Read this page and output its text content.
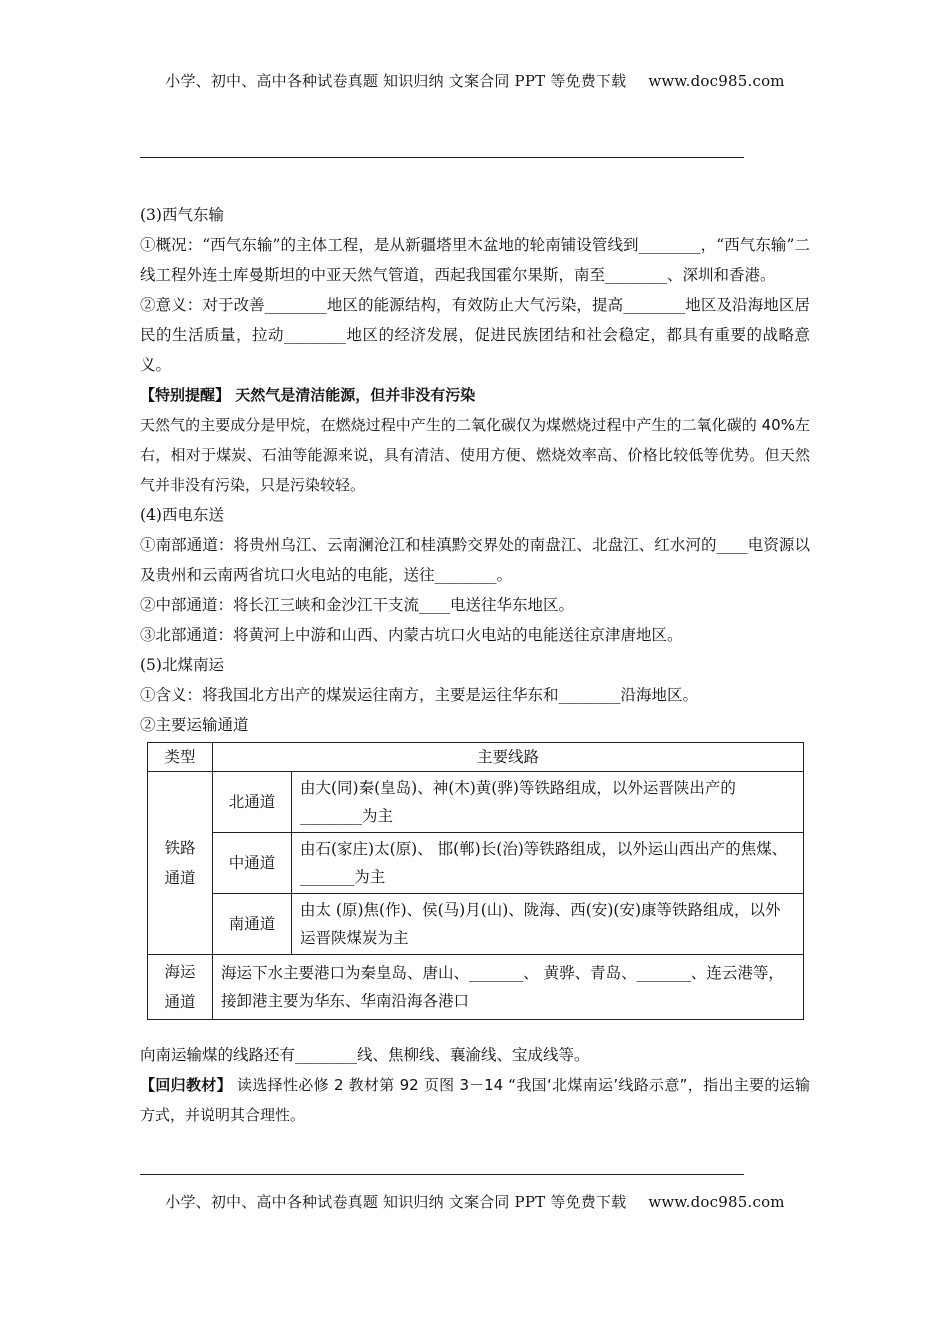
小学、初中、高中各种试卷真题 知识归纳 文案合同 PPT 等免费下载 www.doc985.com

(3)西气东输

①概况：“西气东输”的主体工程，是从新疆塔里木盆地的轮南铺设管线到________，“西气东输”二线工程外连土库曼斯坦的中亚天然气管道，西起我国霍尔果斯，南至________、深圳和香港。

②意义：对于改善________地区的能源结构，有效防止大气污染，提高________地区及沿海地区居民的生活质量，拉动________地区的经济发展，促进民族团结和社会稳定，都具有重要的战略意义。

【特别提醒】 天然气是清洁能源，但并非没有污染

天然气的主要成分是甲烷，在燃烧过程中产生的二氧化碳仅为煤燃烧过程中产生的二氧化碳的 40%左右，相对于煤炭、石油等能源来说，具有清洁、使用方便、燃烧效率高、价格比较低等优势。但天然气并非没有污染，只是污染较轻。

(4)西电东送

①南部通道：将贵州乌江、云南澜沧江和桂滇黔交界处的南盘江、北盘江、红水河的____电资源以及贵州和云南两省坑口火电站的电能，送往________。

②中部通道：将长江三峡和金沙江干支流____电送往华东地区。

③北部通道：将黄河上中游和山西、内蒙古坑口火电站的电能送往京津唐地区。

(5)北煤南运

①含义：将我国北方出产的煤炭运往南方，主要是运往华东和________沿海地区。

②主要运输通道

类型	主要线路	
铁路通道	北通道	由大(同)秦(皇岛)、神(木)黄(骅)等铁路组成，以外运晋陕出产的________为主
	中通道	由石(家庄)太(原)、 邯(郸)长(治)等铁路组成，以外运山西出产的焦煤、_______为主
	南通道	由太 (原)焦(作)、侯(马)月(山)、陇海、西(安)(安)康等铁路组成，以外运晋陕煤炭为主
海运通道	海运下水主要港口为秦皇岛、唐山、_______、 黄骅、青岛、_______、连云港等，接卸港主要为华东、华南沿海各港口	

向南运输煤的线路还有________线、焦柳线、襄渝线、宝成线等。

【回归教材】 读选择性必修 2 教材第 92 页图 3－14 “我国‘北煤南运’线路示意”，指出主要的运输方式，并说明其合理性。

小学、初中、高中各种试卷真题 知识归纳 文案合同 PPT 等免费下载 www.doc985.com
